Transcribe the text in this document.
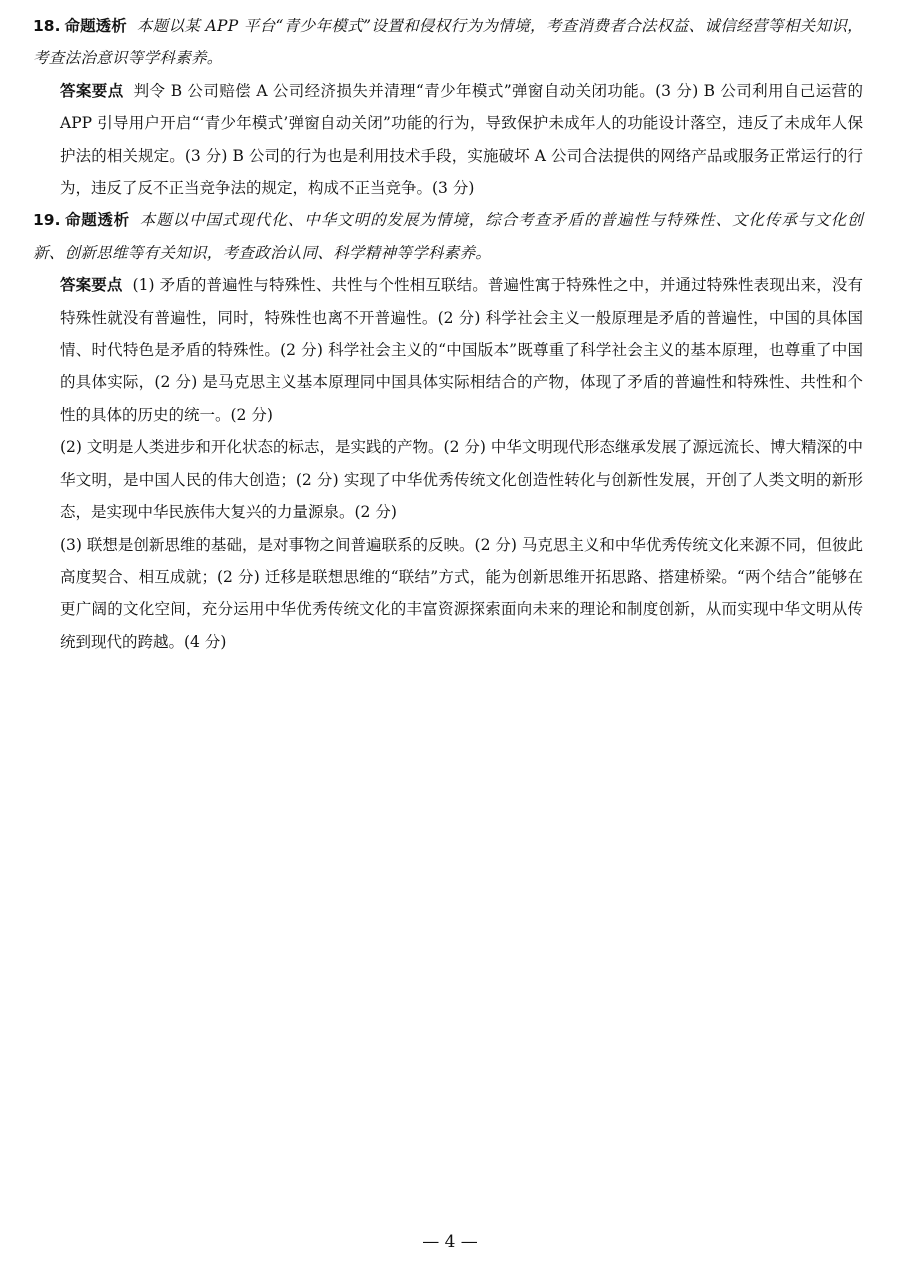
18. 命题透析 本题以某 APP 平台“青少年模式”设置和侵权行为为情境，考查消费者合法权益、诚信经营等相关知识，考查法治意识等学科素养。

答案要点 判令 B 公司赔偿 A 公司经济损失并清理“青少年模式”弹窗自动关闭功能。(3 分) B 公司利用自己运营的 APP 引导用户开启“‘青少年模式’弹窗自动关闭”功能的行为，导致保护未成年人的功能设计落空，违反了未成年人保护法的相关规定。(3 分) B 公司的行为也是利用技术手段，实施破坏 A 公司合法提供的网络产品或服务正常运行的行为，违反了反不正当竞争法的规定，构成不正当竞争。(3 分)

19. 命题透析 本题以中国式现代化、中华文明的发展为情境，综合考查矛盾的普遍性与特殊性、文化传承与文化创新、创新思维等有关知识，考查政治认同、科学精神等学科素养。

答案要点 (1) 矛盾的普遍性与特殊性、共性与个性相互联结。普遍性寓于特殊性之中，并通过特殊性表现出来，没有特殊性就没有普遍性，同时，特殊性也离不开普遍性。(2 分) 科学社会主义一般原理是矛盾的普遍性，中国的具体国情、时代特色是矛盾的特殊性。(2 分) 科学社会主义的“中国版本”既尊重了科学社会主义的基本原理，也尊重了中国的具体实际，(2 分) 是马克思主义基本原理同中国具体实际相结合的产物，体现了矛盾的普遍性和特殊性、共性和个性的具体的历史的统一。(2 分)

(2) 文明是人类进步和开化状态的标志，是实践的产物。(2 分) 中华文明现代形态继承发展了源远流长、博大精深的中华文明，是中国人民的伟大创造；(2 分) 实现了中华优秀传统文化创造性转化与创新性发展，开创了人类文明的新形态，是实现中华民族伟大复兴的力量源泉。(2 分)

(3) 联想是创新思维的基础，是对事物之间普遍联系的反映。(2 分) 马克思主义和中华优秀传统文化来源不同，但彼此高度契合、相互成就；(2 分) 迁移是联想思维的“联结”方式，能为创新思维开拓思路、搭建桥梁。“两个结合”能够在更广阔的文化空间，充分运用中华优秀传统文化的丰富资源探索面向未来的理论和制度创新，从而实现中华文明从传统到现代的跨越。(4 分)

— 4 —
